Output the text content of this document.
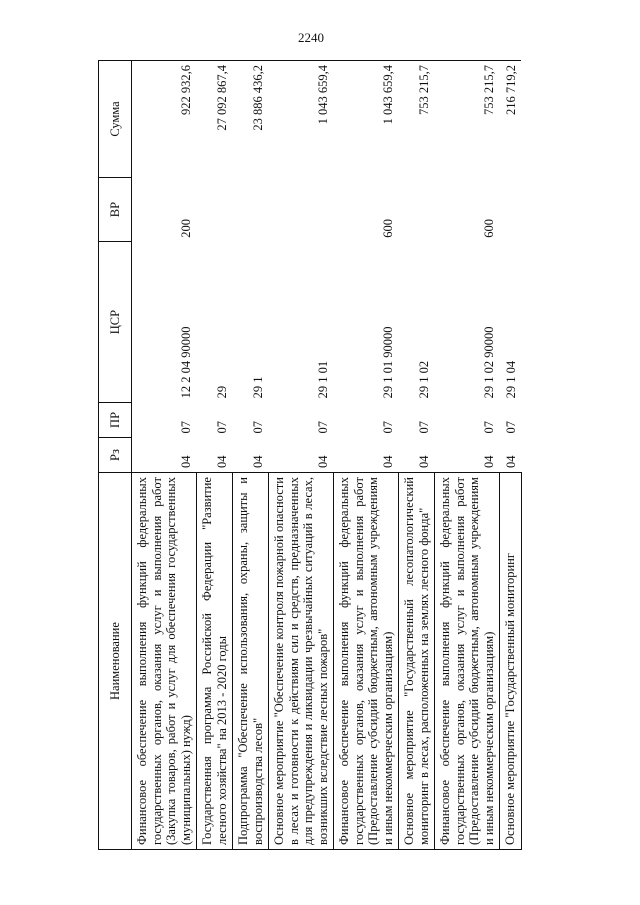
2240
Наименование	Рз	ПР	ЦСР	ВР	Сумма
Финансовое обеспечение выполнения функций федеральных государственных органов, оказания услуг и выполнения работ (Закупка товаров, работ и услуг для обеспечения государственных (муниципальных) нужд)	04	07	12 2 04 90000	200	922 932,6
Государственная программа Российской Федерации "Развитие лесного хозяйства" на 2013 - 2020 годы	04	07	29		27 092 867,4
Подпрограмма "Обеспечение использования, охраны, защиты и воспроизводства лесов"	04	07	29 1		23 886 436,2
Основное мероприятие "Обеспечение контроля пожарной опасности в лесах и готовности к действиям сил и средств, предназначенных для предупреждения и ликвидации чрезвычайных ситуаций в лесах, возникших вследствие лесных пожаров"	04	07	29 1 01		1 043 659,4
Финансовое обеспечение выполнения функций федеральных государственных органов, оказания услуг и выполнения работ (Предоставление субсидий бюджетным, автономным учреждениям и иным некоммерческим организациям)	04	07	29 1 01 90000	600	1 043 659,4
Основное мероприятие "Государственный лесопатологический мониторинг в лесах, расположенных на землях лесного фонда"	04	07	29 1 02		753 215,7
Финансовое обеспечение выполнения функций федеральных государственных органов, оказания услуг и выполнения работ (Предоставление субсидий бюджетным, автономным учреждениям и иным некоммерческим организациям)	04	07	29 1 02 90000	600	753 215,7
Основное мероприятие "Государственный мониторинг	04	07	29 1 04		216 719,2
